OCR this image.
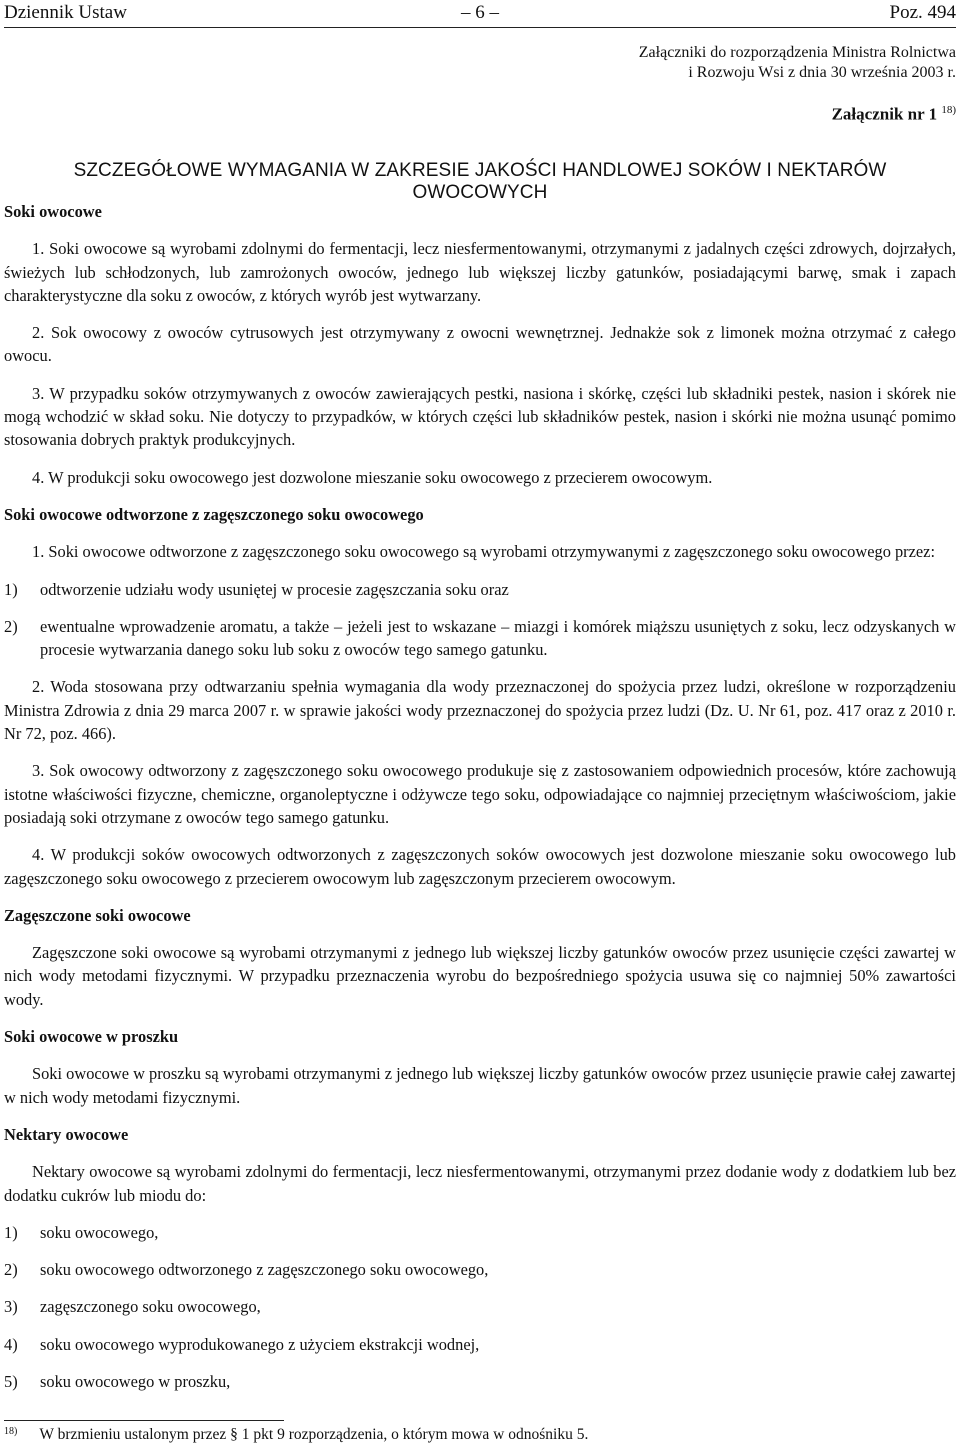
Dziennik Ustaw	– 6 –	Poz. 494
Załączniki do rozporządzenia Ministra Rolnictwa
i Rozwoju Wsi z dnia 30 września 2003 r.
Załącznik nr 1 $^{18)}$
SZCZEGÓŁOWE WYMAGANIA W ZAKRESIE JAKOŚCI HANDLOWEJ SOKÓW I NEKTARÓW OWOCOWYCH
Soki owocowe

1. Soki owocowe są wyrobami zdolnymi do fermentacji, lecz niesfermentowanymi, otrzymanymi z jadalnych części zdrowych, dojrzałych, świeżych lub schłodzonych, lub zamrożonych owoców, jednego lub większej liczby gatunków, posiadającymi barwę, smak i zapach charakterystyczne dla soku z owoców, z których wyrób jest wytwarzany.

2. Sok owocowy z owoców cytrusowych jest otrzymywany z owocni wewnętrznej. Jednakże sok z limonek można otrzymać z całego owocu.

3. W przypadku soków otrzymywanych z owoców zawierających pestki, nasiona i skórkę, części lub składniki pestek, nasion i skórek nie mogą wchodzić w skład soku. Nie dotyczy to przypadków, w których części lub składników pestek, nasion i skórki nie można usunąć pomimo stosowania dobrych praktyk produkcyjnych.

4. W produkcji soku owocowego jest dozwolone mieszanie soku owocowego z przecierem owocowym.

Soki owocowe odtworzone z zagęszczonego soku owocowego

1. Soki owocowe odtworzone z zagęszczonego soku owocowego są wyrobami otrzymywanymi z zagęszczonego soku owocowego przez:

1)	odtworzenie udziału wody usuniętej w procesie zagęszczania soku oraz
2)	ewentualne wprowadzenie aromatu, a także – jeżeli jest to wskazane – miazgi i komórek miąższu usuniętych z soku, lecz odzyskanych w procesie wytwarzania danego soku lub soku z owoców tego samego gatunku.

2. Woda stosowana przy odtwarzaniu spełnia wymagania dla wody przeznaczonej do spożycia przez ludzi, określone w rozporządzeniu Ministra Zdrowia z dnia 29 marca 2007 r. w sprawie jakości wody przeznaczonej do spożycia przez ludzi (Dz. U. Nr 61, poz. 417 oraz z 2010 r. Nr 72, poz. 466).

3. Sok owocowy odtworzony z zagęszczonego soku owocowego produkuje się z zastosowaniem odpowiednich procesów, które zachowują istotne właściwości fizyczne, chemiczne, organoleptyczne i odżywcze tego soku, odpowiadające co najmniej przeciętnym właściwościom, jakie posiadają soki otrzymane z owoców tego samego gatunku.

4. W produkcji soków owocowych odtworzonych z zagęszczonych soków owocowych jest dozwolone mieszanie soku owocowego lub zagęszczonego soku owocowego z przecierem owocowym lub zagęszczonym przecierem owocowym.

Zagęszczone soki owocowe

Zagęszczone soki owocowe są wyrobami otrzymanymi z jednego lub większej liczby gatunków owoców przez usunięcie części zawartej w nich wody metodami fizycznymi. W przypadku przeznaczenia wyrobu do bezpośredniego spożycia usuwa się co najmniej 50% zawartości wody.

Soki owocowe w proszku

Soki owocowe w proszku są wyrobami otrzymanymi z jednego lub większej liczby gatunków owoców przez usunięcie prawie całej zawartej w nich wody metodami fizycznymi.

Nektary owocowe

Nektary owocowe są wyrobami zdolnymi do fermentacji, lecz niesfermentowanymi, otrzymanymi przez dodanie wody z dodatkiem lub bez dodatku cukrów lub miodu do:

1)	soku owocowego,
2)	soku owocowego odtworzonego z zagęszczonego soku owocowego,
3)	zagęszczonego soku owocowego,
4)	soku owocowego wyprodukowanego z użyciem ekstrakcji wodnej,
5)	soku owocowego w proszku,
$^{18)}$ W brzmieniu ustalonym przez § 1 pkt 9 rozporządzenia, o którym mowa w odnośniku 5.
